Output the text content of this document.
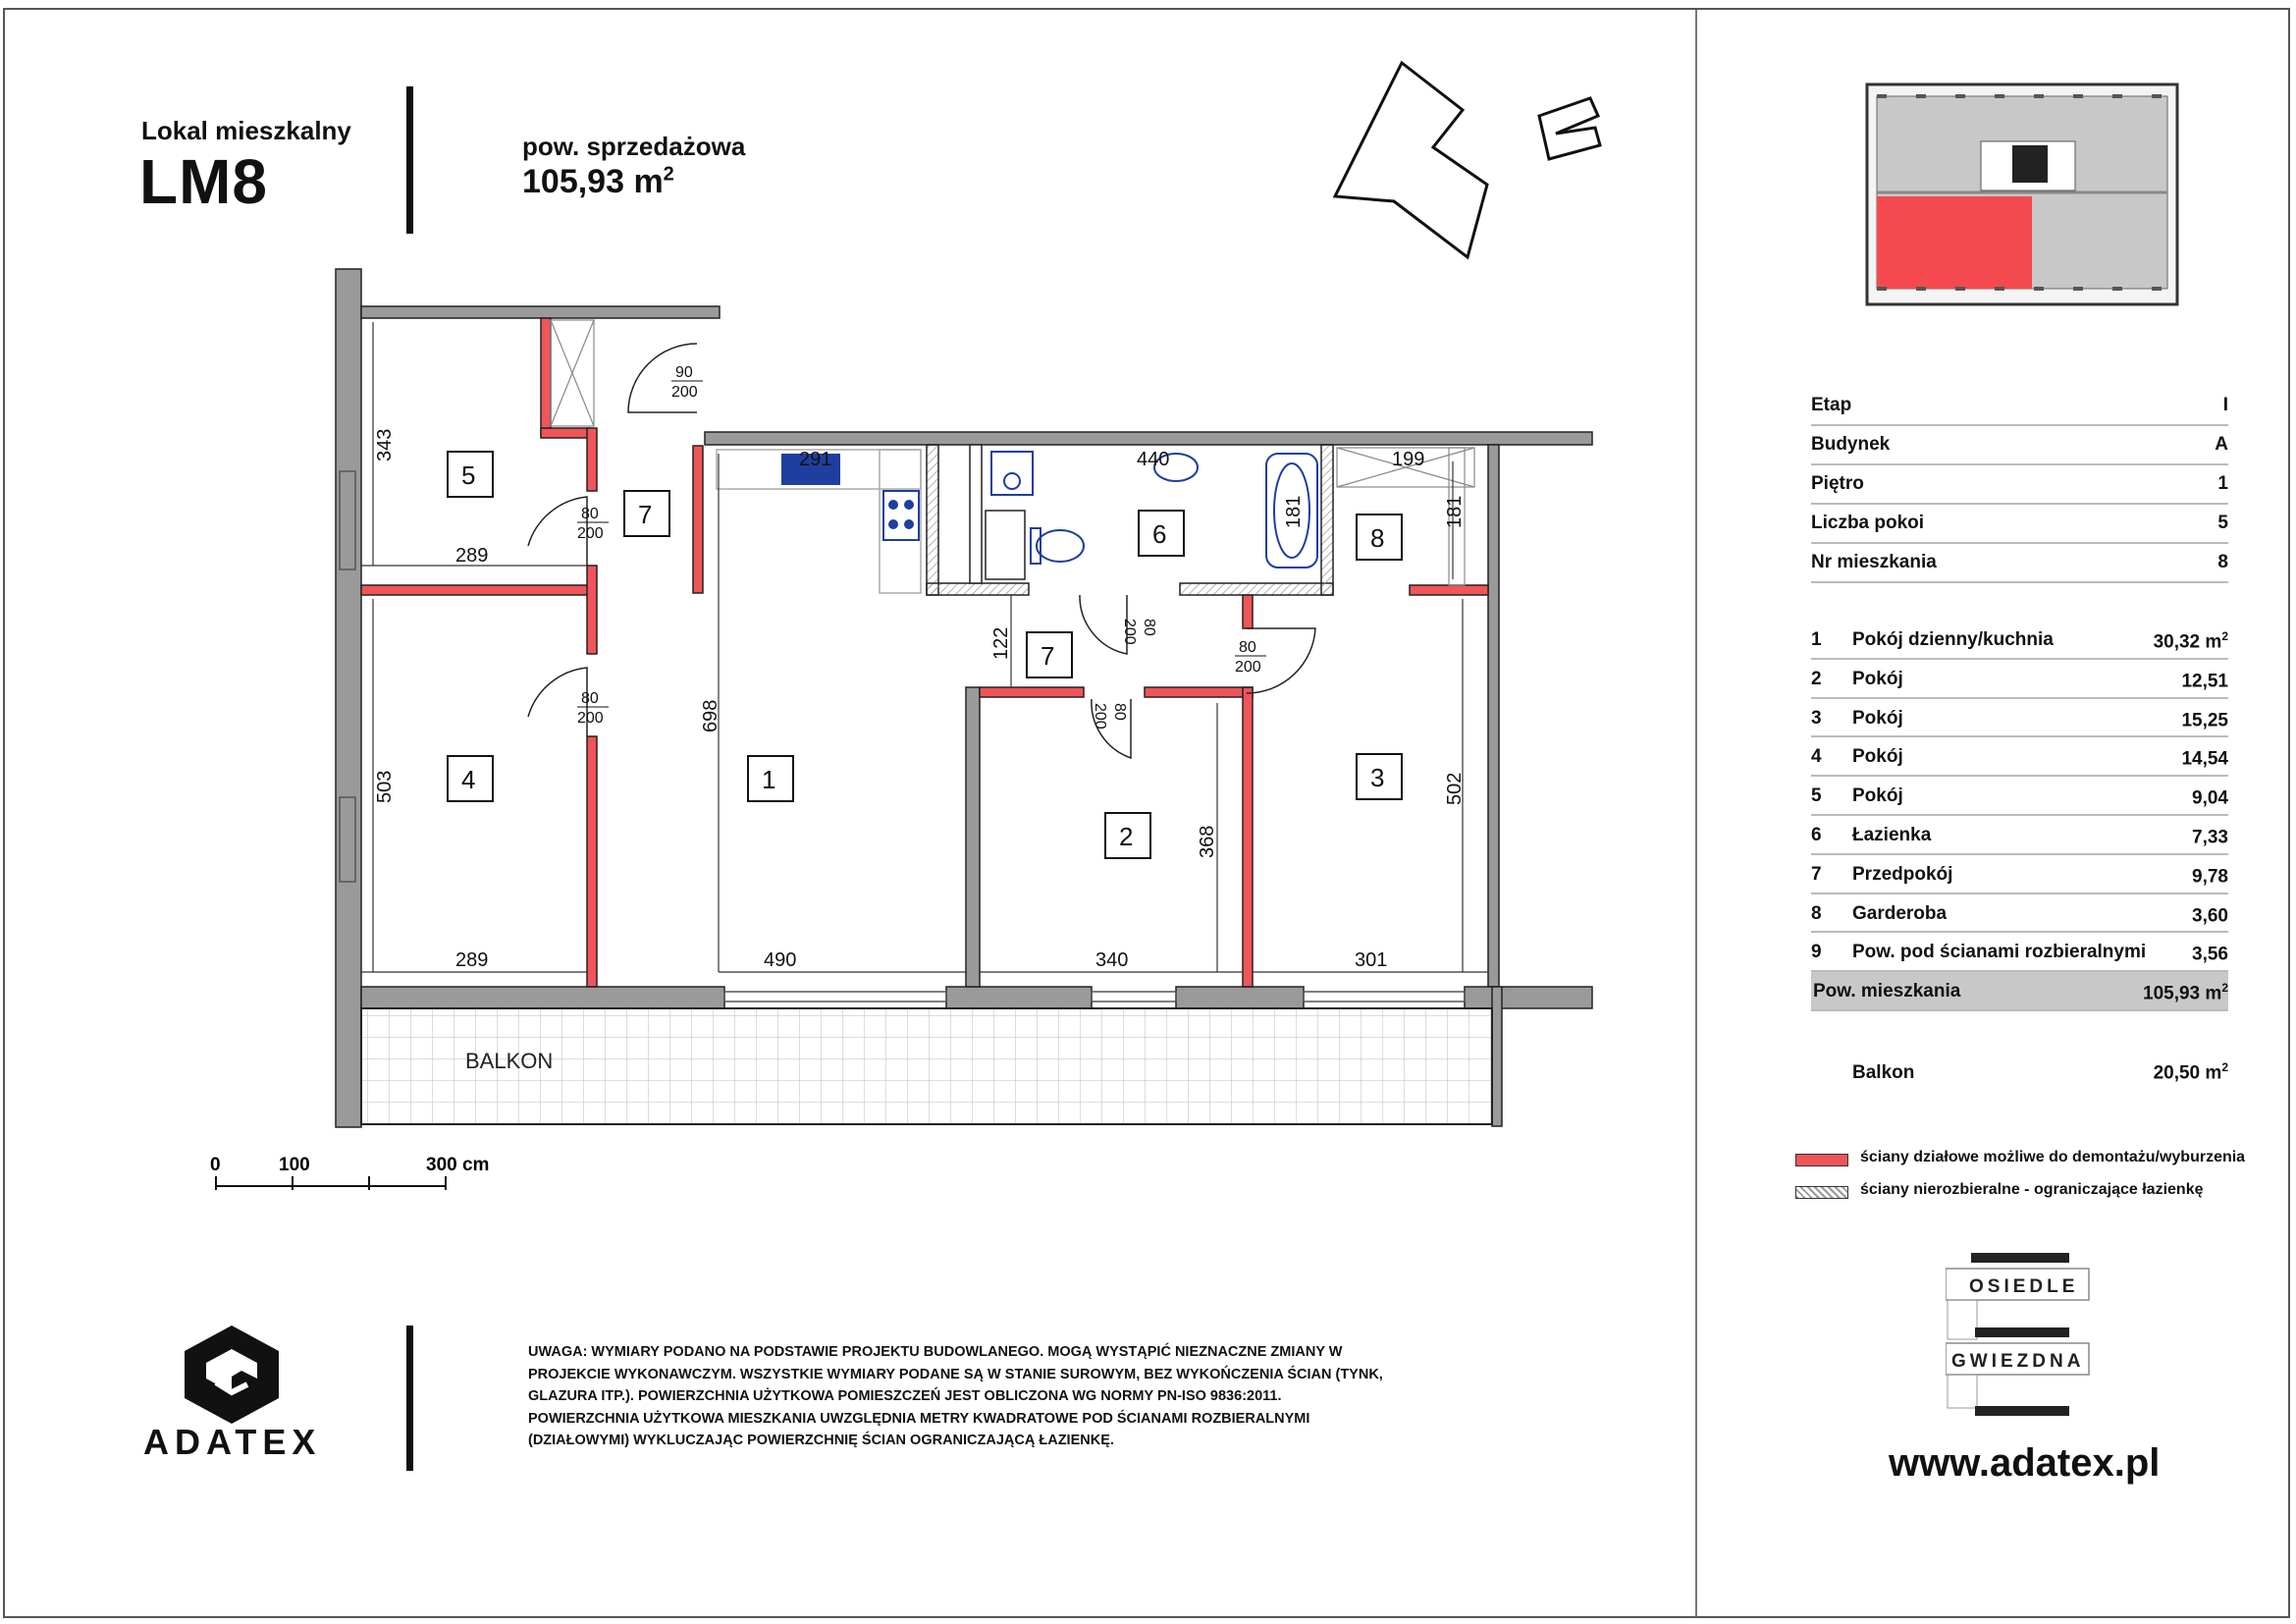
Lokal mieszkalny
LM8	pow. sprzedażowa
105,93 $m^2$
BALKON
343
289
503
289
698
490
291	440	199
181	181
122
368
340
502
301
90
200
80
200
80
200
80
200
80
200
80
200
1
2
3
4
5
6
7
7
8
0	100	300 cm
ADATEX
UWAGA: WYMIARY PODANO NA PODSTAWIE PROJEKTU BUDOWLANEGO. MOGĄ WYSTĄPIĆ NIEZNACZNE ZMIANY W PROJEKCIE WYKONAWCZYM. WSZYSTKIE WYMIARY PODANE SĄ W STANIE SUROWYM, BEZ WYKOŃCZENIA ŚCIAN (TYNK, GLAZURA ITP.). POWIERZCHNIA UŻYTKOWA POMIESZCZEŃ JEST OBLICZONA WG NORMY PN-ISO 9836:2011. POWIERZCHNIA UŻYTKOWA MIESZKANIA UWZGLĘDNIA METRY KWADRATOWE POD ŚCIANAMI ROZBIERALNYMI (DZIAŁOWYMI) WYKLUCZAJĄC POWIERZCHNIĘ ŚCIAN OGRANICZAJĄCĄ ŁAZIENKĘ.
Etap	I
Budynek	A
Piętro	1
Liczba pokoi	5
Nr mieszkania	8
1 Pokój dzienny/kuchnia	30,32 $m^2$
2 Pokój	12,51
3 Pokój	15,25
4 Pokój	14,54
5 Pokój	9,04
6 Łazienka	7,33
7 Przedpokój	9,78
8 Garderoba	3,60
9 Pow. pod ścianami rozbieralnymi 3,56
Pow. mieszkania	105,93 $m^2$
Balkon	20,50 $m^2$
ściany działowe możliwe do demontażu/wyburzenia
ściany nierozbieralne - ograniczające łazienkę
OSIEDLE
GWIEZDNA
www.adatex.pl
